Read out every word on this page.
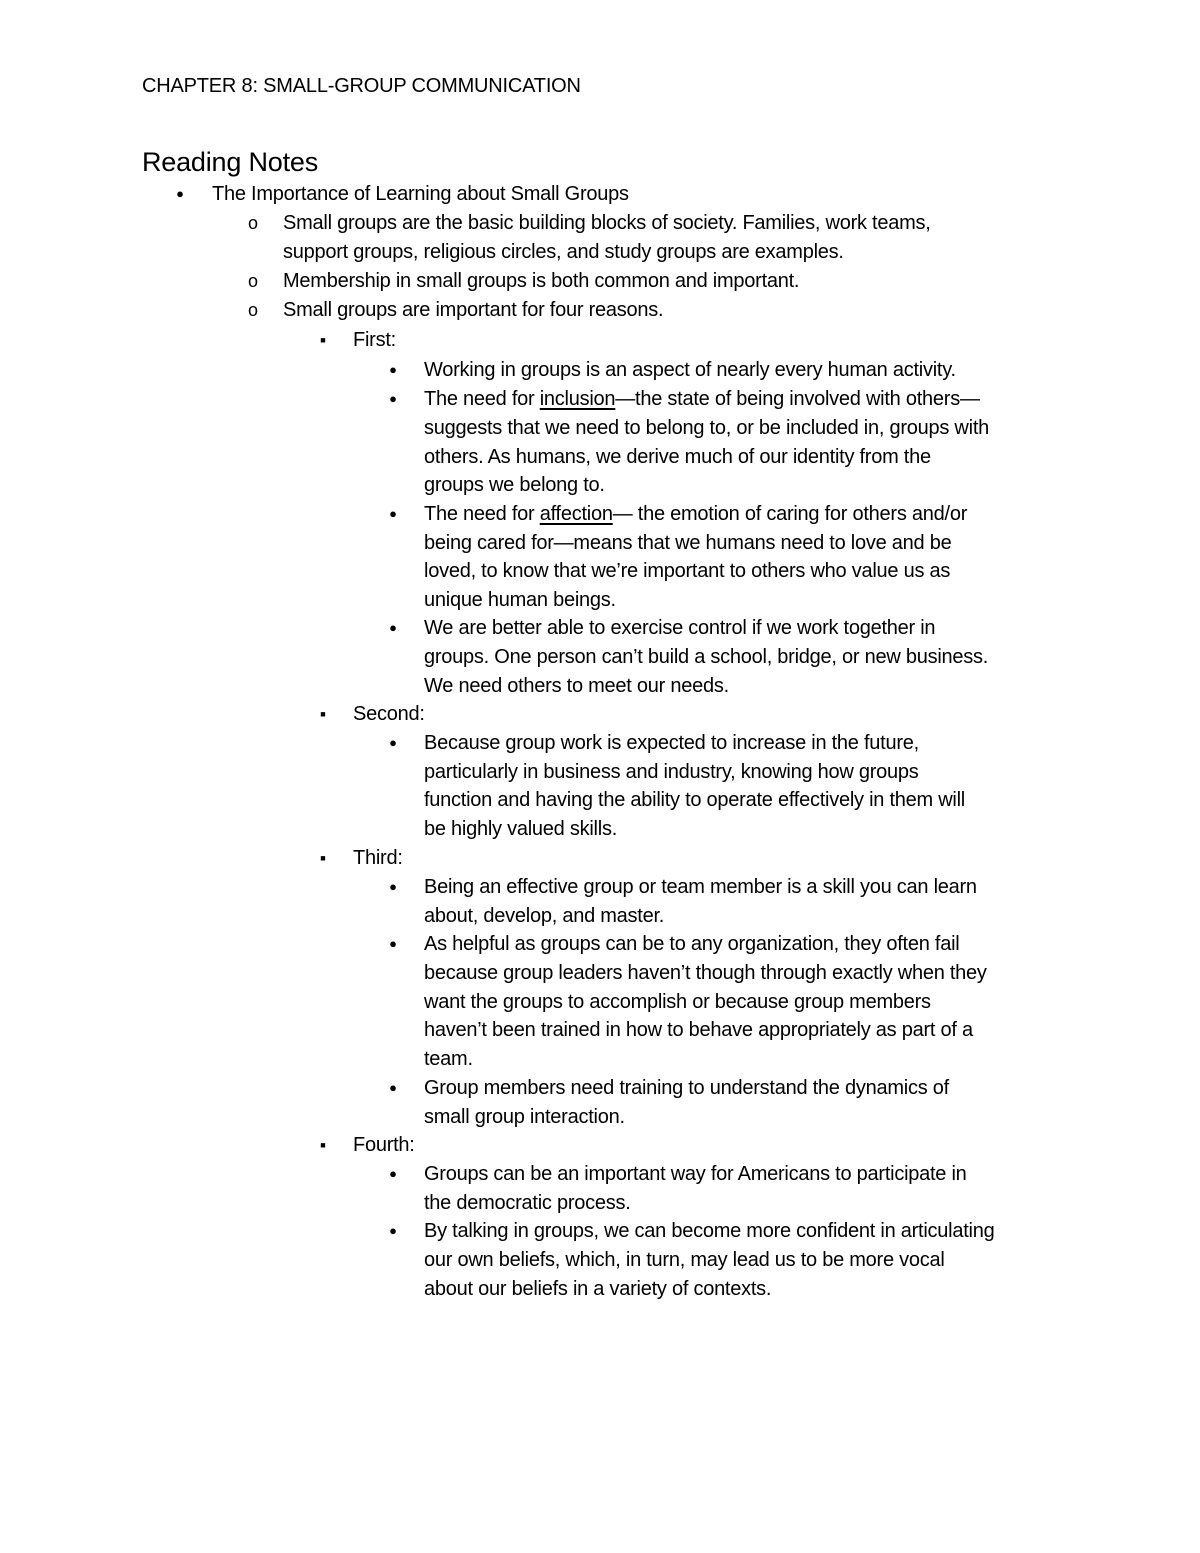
CHAPTER 8: SMALL-GROUP COMMUNICATION
Reading Notes
●	The Importance of Learning about Small Groups
o Small groups are the basic building blocks of society. Families, work teams,
support groups, religious circles, and study groups are examples.
o Membership in small groups is both common and important.
o Small groups are important for four reasons.
■	First:
●	Working in groups is an aspect of nearly every human activity.
●	The need for inclusion—the state of being involved with others—
suggests that we need to belong to, or be included in, groups with
others. As humans, we derive much of our identity from the
groups we belong to.
●	The need for affection— the emotion of caring for others and/or
being cared for—means that we humans need to love and be
loved, to know that we’re important to others who value us as
unique human beings.
●	We are better able to exercise control if we work together in
groups. One person can’t build a school, bridge, or new business.
We need others to meet our needs.
■	Second:
●	Because group work is expected to increase in the future,
particularly in business and industry, knowing how groups
function and having the ability to operate effectively in them will
be highly valued skills.
■	Third:
●	Being an effective group or team member is a skill you can learn
about, develop, and master.
●	As helpful as groups can be to any organization, they often fail
because group leaders haven’t though through exactly when they
want the groups to accomplish or because group members
haven’t been trained in how to behave appropriately as part of a
team.
●	Group members need training to understand the dynamics of
small group interaction.
■	Fourth:
●	Groups can be an important way for Americans to participate in
the democratic process.
●	By talking in groups, we can become more confident in articulating
our own beliefs, which, in turn, may lead us to be more vocal
about our beliefs in a variety of contexts.
